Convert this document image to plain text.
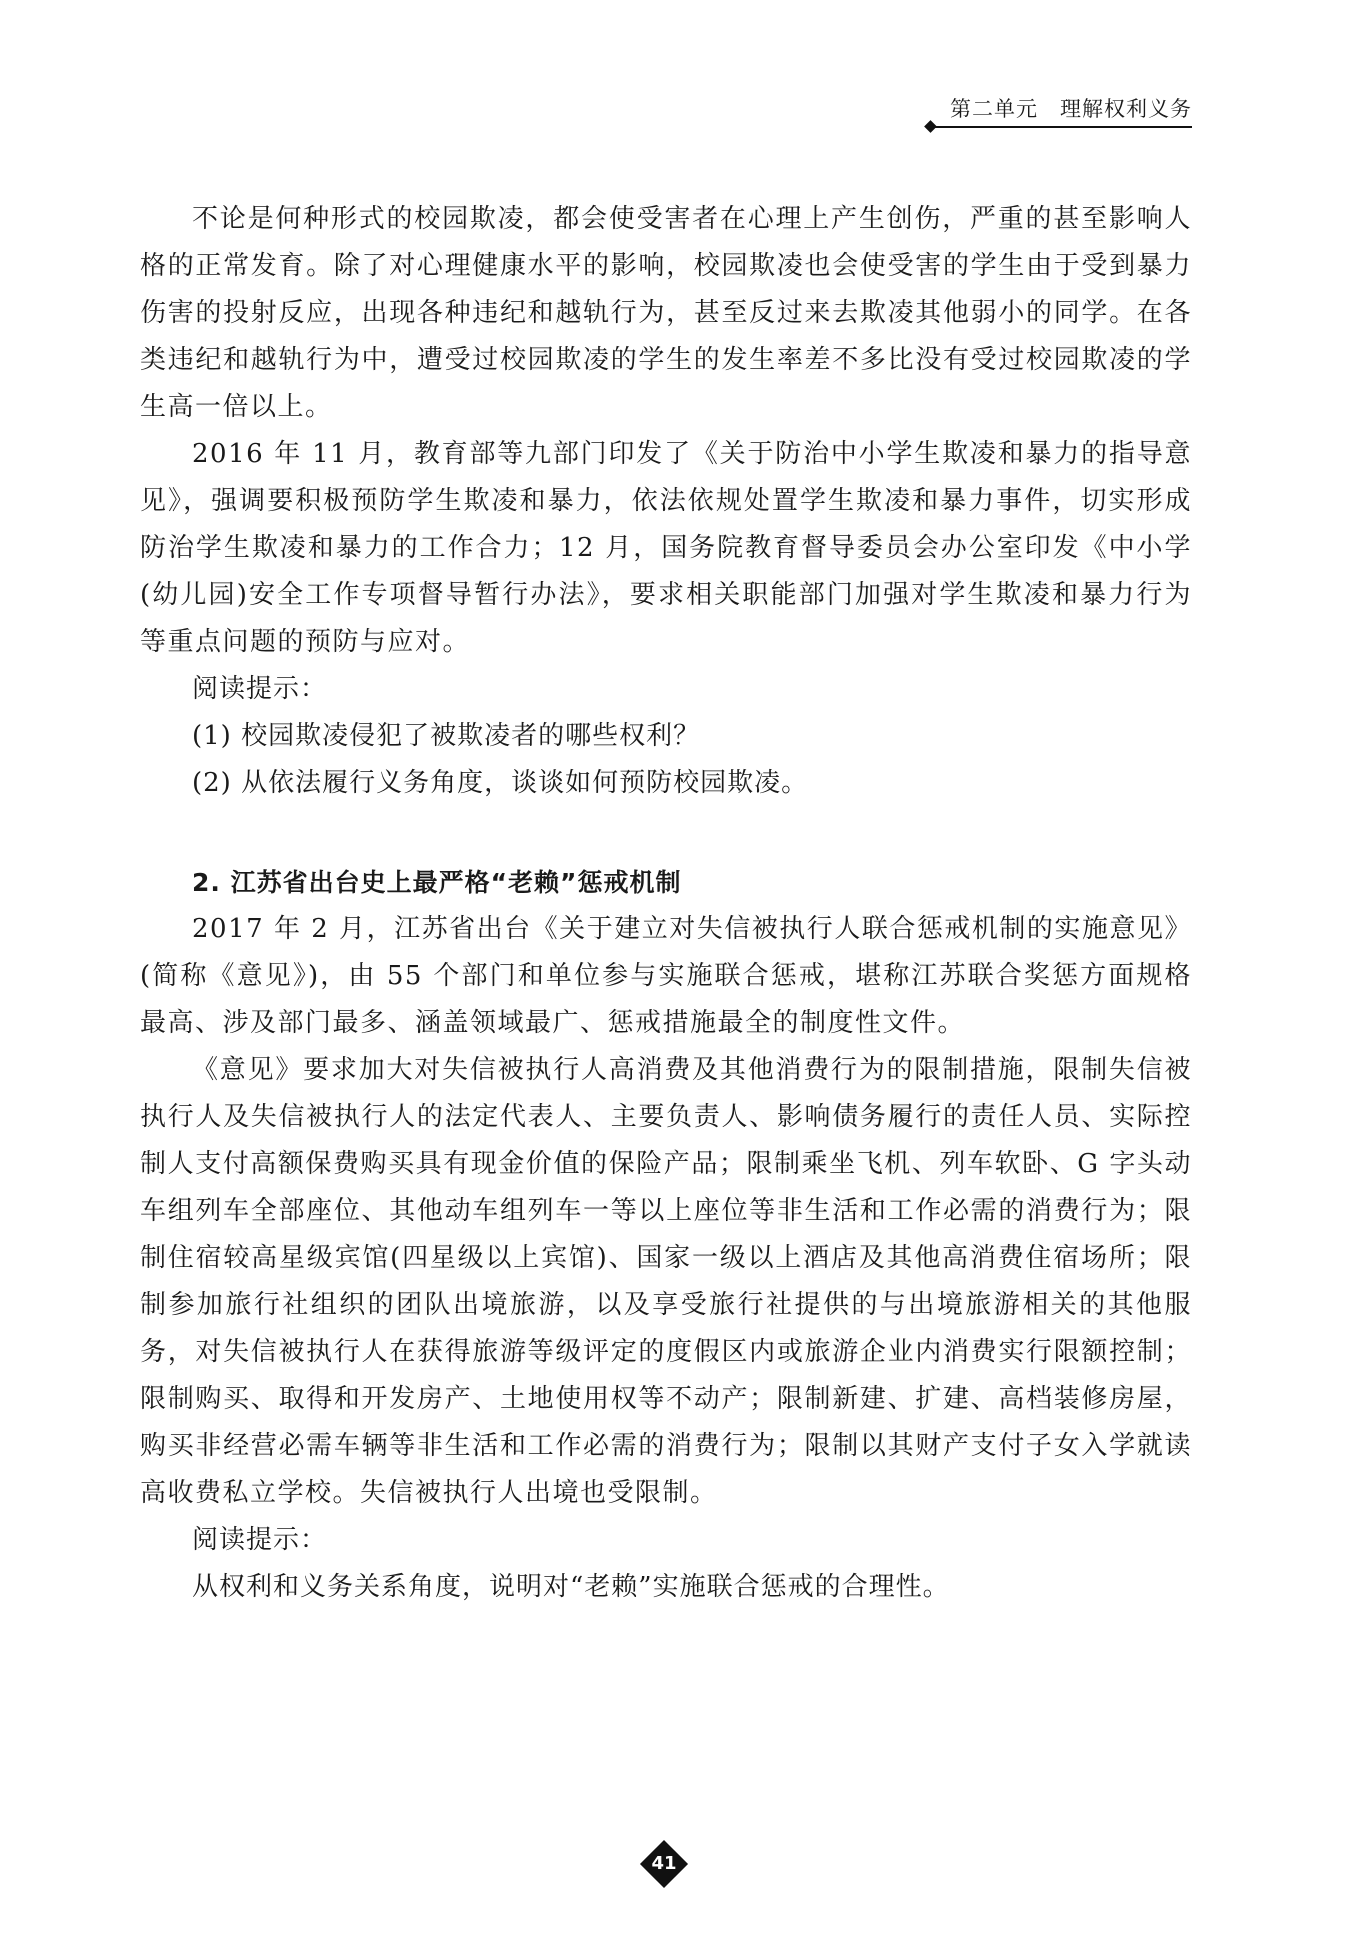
第二单元　理解权利义务

不论是何种形式的校园欺凌，都会使受害者在心理上产生创伤，严重的甚至影响人格的正常发育。除了对心理健康水平的影响，校园欺凌也会使受害的学生由于受到暴力伤害的投射反应，出现各种违纪和越轨行为，甚至反过来去欺凌其他弱小的同学。在各类违纪和越轨行为中，遭受过校园欺凌的学生的发生率差不多比没有受过校园欺凌的学生高一倍以上。

2016 年 11 月，教育部等九部门印发了《关于防治中小学生欺凌和暴力的指导意见》，强调要积极预防学生欺凌和暴力，依法依规处置学生欺凌和暴力事件，切实形成防治学生欺凌和暴力的工作合力；12 月，国务院教育督导委员会办公室印发《中小学(幼儿园)安全工作专项督导暂行办法》，要求相关职能部门加强对学生欺凌和暴力行为等重点问题的预防与应对。

阅读提示：

(1) 校园欺凌侵犯了被欺凌者的哪些权利？

(2) 从依法履行义务角度，谈谈如何预防校园欺凌。

2. 江苏省出台史上最严格“老赖”惩戒机制

2017 年 2 月，江苏省出台《关于建立对失信被执行人联合惩戒机制的实施意见》(简称《意见》)，由 55 个部门和单位参与实施联合惩戒，堪称江苏联合奖惩方面规格最高、涉及部门最多、涵盖领域最广、惩戒措施最全的制度性文件。

《意见》要求加大对失信被执行人高消费及其他消费行为的限制措施，限制失信被执行人及失信被执行人的法定代表人、主要负责人、影响债务履行的责任人员、实际控制人支付高额保费购买具有现金价值的保险产品；限制乘坐飞机、列车软卧、G 字头动车组列车全部座位、其他动车组列车一等以上座位等非生活和工作必需的消费行为；限制住宿较高星级宾馆(四星级以上宾馆)、国家一级以上酒店及其他高消费住宿场所；限制参加旅行社组织的团队出境旅游，以及享受旅行社提供的与出境旅游相关的其他服务，对失信被执行人在获得旅游等级评定的度假区内或旅游企业内消费实行限额控制；限制购买、取得和开发房产、土地使用权等不动产；限制新建、扩建、高档装修房屋，购买非经营必需车辆等非生活和工作必需的消费行为；限制以其财产支付子女入学就读高收费私立学校。失信被执行人出境也受限制。

阅读提示：

从权利和义务关系角度，说明对“老赖”实施联合惩戒的合理性。

41
